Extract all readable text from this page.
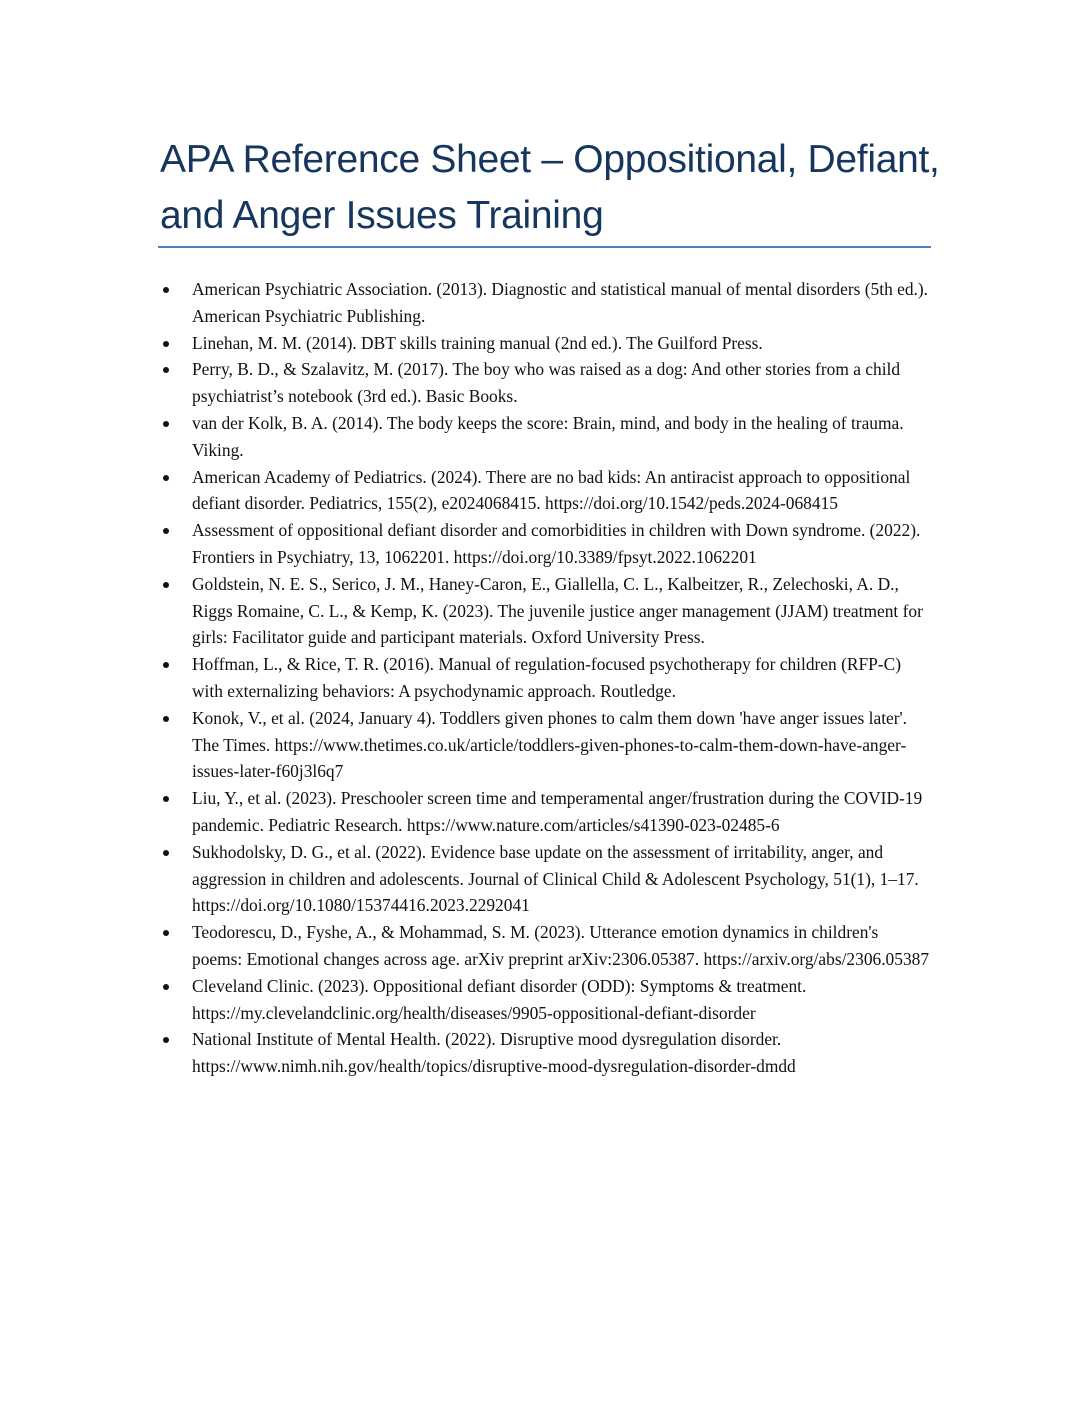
APA Reference Sheet – Oppositional, Defiant, and Anger Issues Training
American Psychiatric Association. (2013). Diagnostic and statistical manual of mental disorders (5th ed.). American Psychiatric Publishing.
Linehan, M. M. (2014). DBT skills training manual (2nd ed.). The Guilford Press.
Perry, B. D., & Szalavitz, M. (2017). The boy who was raised as a dog: And other stories from a child psychiatrist’s notebook (3rd ed.). Basic Books.
van der Kolk, B. A. (2014). The body keeps the score: Brain, mind, and body in the healing of trauma. Viking.
American Academy of Pediatrics. (2024). There are no bad kids: An antiracist approach to oppositional defiant disorder. Pediatrics, 155(2), e2024068415. https://doi.org/10.1542/peds.2024-068415
Assessment of oppositional defiant disorder and comorbidities in children with Down syndrome. (2022). Frontiers in Psychiatry, 13, 1062201. https://doi.org/10.3389/fpsyt.2022.1062201
Goldstein, N. E. S., Serico, J. M., Haney-Caron, E., Giallella, C. L., Kalbeitzer, R., Zelechoski, A. D., Riggs Romaine, C. L., & Kemp, K. (2023). The juvenile justice anger management (JJAM) treatment for girls: Facilitator guide and participant materials. Oxford University Press.
Hoffman, L., & Rice, T. R. (2016). Manual of regulation-focused psychotherapy for children (RFP-C) with externalizing behaviors: A psychodynamic approach. Routledge.
Konok, V., et al. (2024, January 4). Toddlers given phones to calm them down 'have anger issues later'. The Times. https://www.thetimes.co.uk/article/toddlers-given-phones-to-calm-them-down-have-anger-issues-later-f60j3l6q7
Liu, Y., et al. (2023). Preschooler screen time and temperamental anger/frustration during the COVID-19 pandemic. Pediatric Research. https://www.nature.com/articles/s41390-023-02485-6
Sukhodolsky, D. G., et al. (2022). Evidence base update on the assessment of irritability, anger, and aggression in children and adolescents. Journal of Clinical Child & Adolescent Psychology, 51(1), 1–17. https://doi.org/10.1080/15374416.2023.2292041
Teodorescu, D., Fyshe, A., & Mohammad, S. M. (2023). Utterance emotion dynamics in children's poems: Emotional changes across age. arXiv preprint arXiv:2306.05387. https://arxiv.org/abs/2306.05387
Cleveland Clinic. (2023). Oppositional defiant disorder (ODD): Symptoms & treatment. https://my.clevelandclinic.org/health/diseases/9905-oppositional-defiant-disorder
National Institute of Mental Health. (2022). Disruptive mood dysregulation disorder. https://www.nimh.nih.gov/health/topics/disruptive-mood-dysregulation-disorder-dmdd
